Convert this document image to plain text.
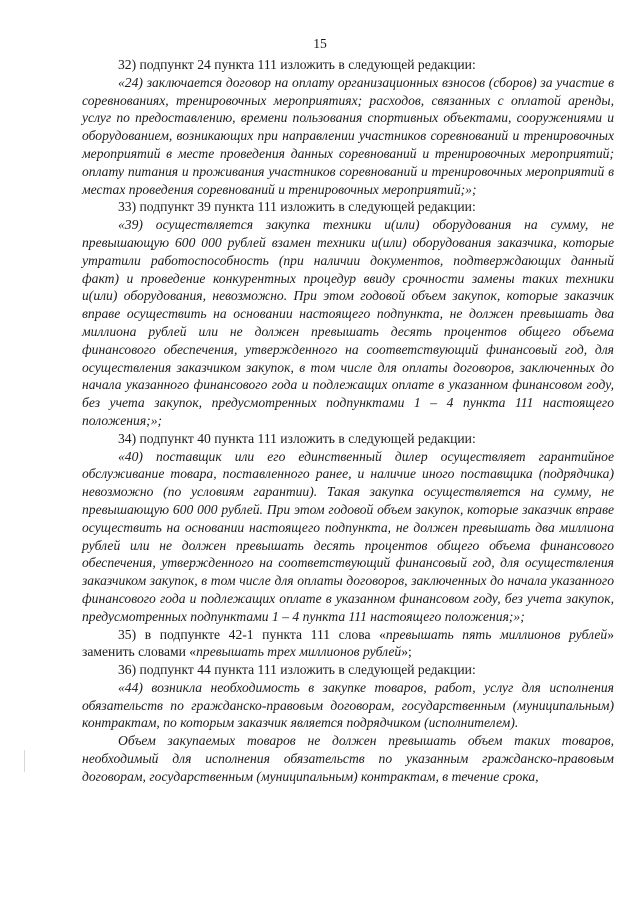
15

32) подпункт 24 пункта 111 изложить в следующей редакции:

«24) заключается договор на оплату организационных взносов (сборов) за участие в соревнованиях, тренировочных мероприятиях; расходов, связанных с оплатой аренды, услуг по предоставлению, времени пользования спортивных объектами, сооружениями и оборудованием, возникающих при направлении участников соревнований и тренировочных мероприятий в месте проведения данных соревнований и тренировочных мероприятий; оплату питания и проживания участников соревнований и тренировочных мероприятий в местах проведения соревнований и тренировочных мероприятий;»;

33) подпункт 39 пункта 111 изложить в следующей редакции:

«39) осуществляется закупка техники и(или) оборудования на сумму, не превышающую 600 000 рублей взамен техники и(или) оборудования заказчика, которые утратили работоспособность (при наличии документов, подтверждающих данный факт) и проведение конкурентных процедур ввиду срочности замены таких техники и(или) оборудования, невозможно. При этом годовой объем закупок, которые заказчик вправе осуществить на основании настоящего подпункта, не должен превышать два миллиона рублей или не должен превышать десять процентов общего объема финансового обеспечения, утвержденного на соответствующий финансовый год, для осуществления заказчиком закупок, в том числе для оплаты договоров, заключенных до начала указанного финансового года и подлежащих оплате в указанном финансовом году, без учета закупок, предусмотренных подпунктами 1 – 4 пункта 111 настоящего положения;»;

34) подпункт 40 пункта 111 изложить в следующей редакции:

«40) поставщик или его единственный дилер осуществляет гарантийное обслуживание товара, поставленного ранее, и наличие иного поставщика (подрядчика) невозможно (по условиям гарантии). Такая закупка осуществляется на сумму, не превышающую 600 000 рублей. При этом годовой объем закупок, которые заказчик вправе осуществить на основании настоящего подпункта, не должен превышать два миллиона рублей или не должен превышать десять процентов общего объема финансового обеспечения, утвержденного на соответствующий финансовый год, для осуществления заказчиком закупок, в том числе для оплаты договоров, заключенных до начала указанного финансового года и подлежащих оплате в указанном финансовом году, без учета закупок, предусмотренных подпунктами 1 – 4 пункта 111 настоящего положения;»;

35) в подпункте 42-1 пункта 111 слова «превышать пять миллионов рублей» заменить словами «превышать трех миллионов рублей»;

36) подпункт 44 пункта 111 изложить в следующей редакции:

«44) возникла необходимость в закупке товаров, работ, услуг для исполнения обязательств по гражданско-правовым договорам, государственным (муниципальным) контрактам, по которым заказчик является подрядчиком (исполнителем).

Объем закупаемых товаров не должен превышать объем таких товаров, необходимый для исполнения обязательств по указанным гражданско-правовым договорам, государственным (муниципальным) контрактам, в течение срока,
